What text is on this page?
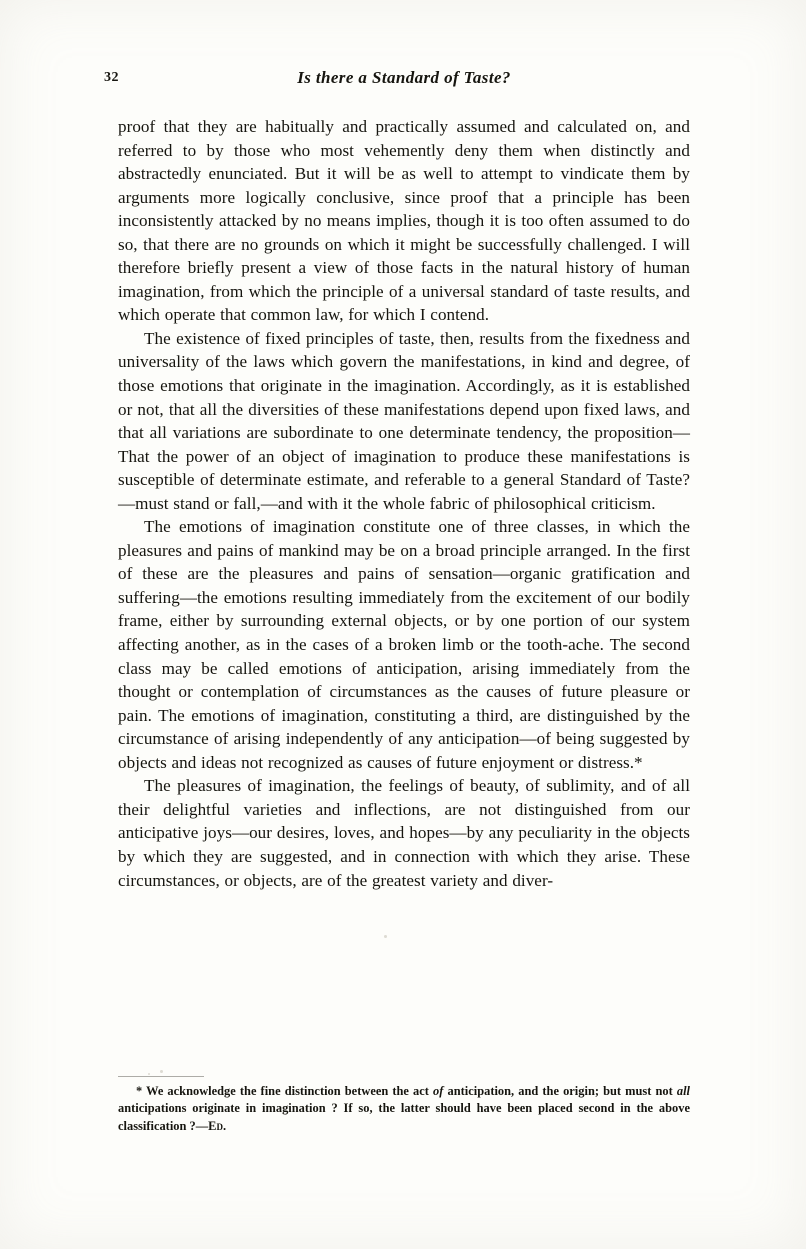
32	Is there a Standard of Taste?

proof that they are habitually and practically assumed and calculated on, and referred to by those who most vehemently deny them when distinctly and abstractedly enunciated. But it will be as well to attempt to vindicate them by arguments more logically conclusive, since proof that a principle has been inconsistently attacked by no means implies, though it is too often assumed to do so, that there are no grounds on which it might be successfully challenged. I will therefore briefly present a view of those facts in the natural history of human imagination, from which the principle of a universal standard of taste results, and which operate that common law, for which I contend.

The existence of fixed principles of taste, then, results from the fixedness and universality of the laws which govern the manifestations, in kind and degree, of those emotions that originate in the imagination. Accordingly, as it is established or not, that all the diversities of these manifestations depend upon fixed laws, and that all variations are subordinate to one determinate tendency, the proposition—That the power of an object of imagination to produce these manifestations is susceptible of determinate estimate, and referable to a general Standard of Taste?—must stand or fall,—and with it the whole fabric of philosophical criticism.

The emotions of imagination constitute one of three classes, in which the pleasures and pains of mankind may be on a broad principle arranged. In the first of these are the pleasures and pains of sensation—organic gratification and suffering—the emotions resulting immediately from the excitement of our bodily frame, either by surrounding external objects, or by one portion of our system affecting another, as in the cases of a broken limb or the tooth-ache. The second class may be called emotions of anticipation, arising immediately from the thought or contemplation of circumstances as the causes of future pleasure or pain. The emotions of imagination, constituting a third, are distinguished by the circumstance of arising independently of any anticipation—of being suggested by objects and ideas not recognized as causes of future enjoyment or distress.*

The pleasures of imagination, the feelings of beauty, of sublimity, and of all their delightful varieties and inflections, are not distinguished from our anticipative joys—our desires, loves, and hopes—by any peculiarity in the objects by which they are suggested, and in connection with which they arise. These circumstances, or objects, are of the greatest variety and diver-

* We acknowledge the fine distinction between the act of anticipation, and the origin; but must not all anticipations originate in imagination ? If so, the latter should have been placed second in the above classification ?—Ed.
